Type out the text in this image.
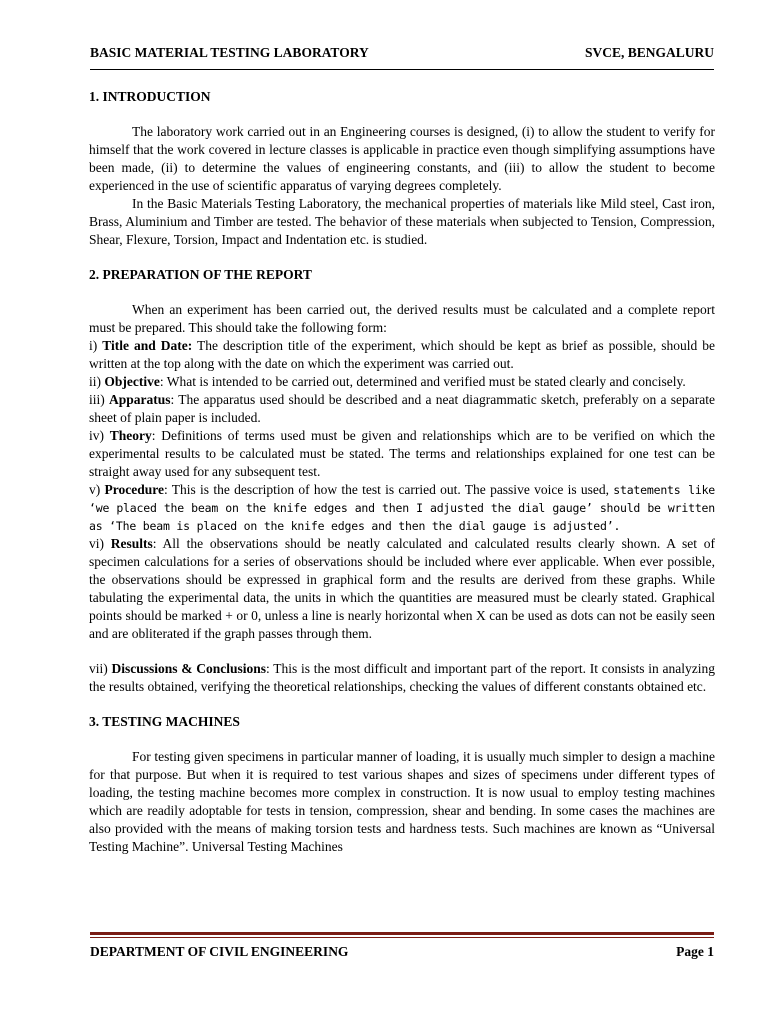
BASIC MATERIAL TESTING LABORATORY	SVCE, BENGALURU

1. INTRODUCTION

The laboratory work carried out in an Engineering courses is designed, (i) to allow the student to verify for himself that the work covered in lecture classes is applicable in practice even though simplifying assumptions have been made, (ii) to determine the values of engineering constants, and (iii) to allow the student to become experienced in the use of scientific apparatus of varying degrees completely.

In the Basic Materials Testing Laboratory, the mechanical properties of materials like Mild steel, Cast iron, Brass, Aluminium and Timber are tested. The behavior of these materials when subjected to Tension, Compression, Shear, Flexure, Torsion, Impact and Indentation etc. is studied.

2. PREPARATION OF THE REPORT

When an experiment has been carried out, the derived results must be calculated and a complete report must be prepared. This should take the following form:

i) Title and Date: The description title of the experiment, which should be kept as brief as possible, should be written at the top along with the date on which the experiment was carried out.

ii) Objective: What is intended to be carried out, determined and verified must be stated clearly and concisely.

iii) Apparatus: The apparatus used should be described and a neat diagrammatic sketch, preferably on a separate sheet of plain paper is included.

iv) Theory: Definitions of terms used must be given and relationships which are to be verified on which the experimental results to be calculated must be stated. The terms and relationships explained for one test can be straight away used for any subsequent test.

v) Procedure: This is the description of how the test is carried out. The passive voice is used, statements like ‘we placed the beam on the knife edges and then I adjusted the dial gauge’ should be written as ‘The beam is placed on the knife edges and then the dial gauge is adjusted’.

vi) Results: All the observations should be neatly calculated and calculated results clearly shown. A set of specimen calculations for a series of observations should be included where ever applicable. When ever possible, the observations should be expressed in graphical form and the results are derived from these graphs. While tabulating the experimental data, the units in which the quantities are measured must be clearly stated. Graphical points should be marked + or 0, unless a line is nearly horizontal when X can be used as dots can not be easily seen and are obliterated if the graph passes through them.

vii) Discussions & Conclusions: This is the most difficult and important part of the report. It consists in analyzing the results obtained, verifying the theoretical relationships, checking the values of different constants obtained etc.

3. TESTING MACHINES

For testing given specimens in particular manner of loading, it is usually much simpler to design a machine for that purpose. But when it is required to test various shapes and sizes of specimens under different types of loading, the testing machine becomes more complex in construction. It is now usual to employ testing machines which are readily adoptable for tests in tension, compression, shear and bending. In some cases the machines are also provided with the means of making torsion tests and hardness tests. Such machines are known as “Universal Testing Machine”. Universal Testing Machines

DEPARTMENT OF CIVIL ENGINEERING	Page 1
